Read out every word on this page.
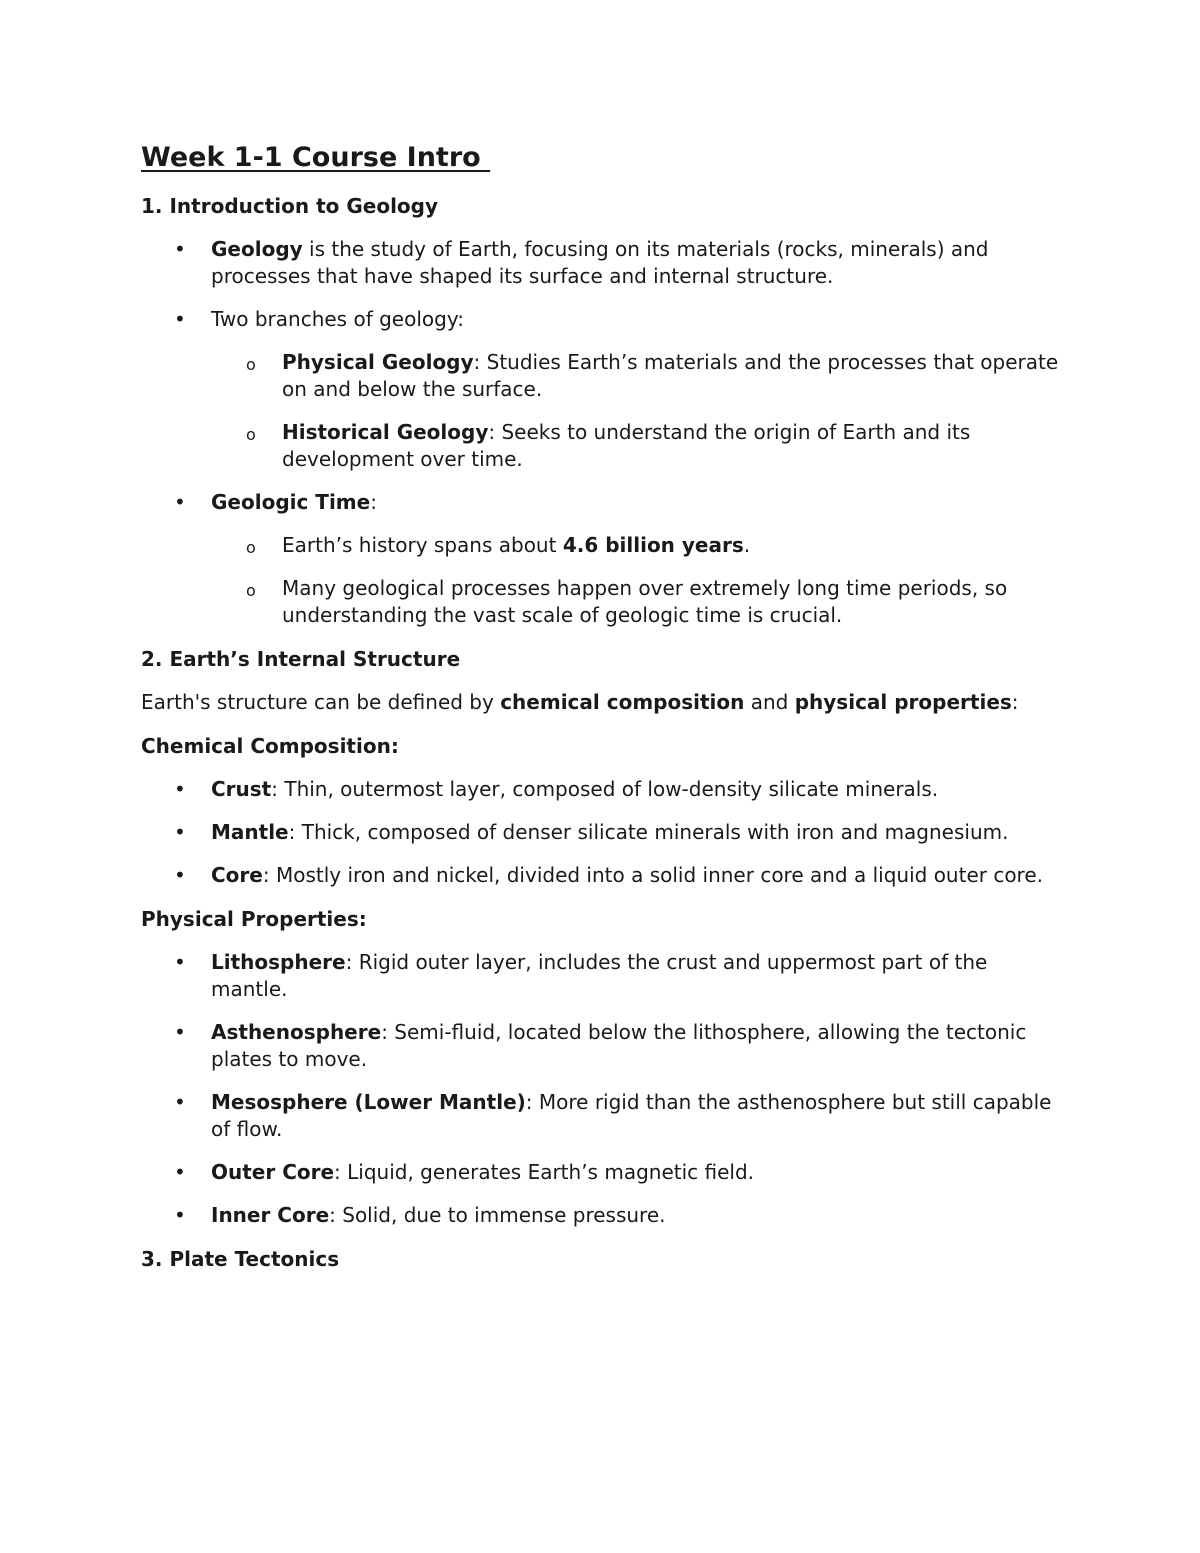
Week 1-1 Course Intro
1. Introduction to Geology
• Geology is the study of Earth, focusing on its materials (rocks, minerals) and processes that have shaped its surface and internal structure.
• Two branches of geology:
o Physical Geology: Studies Earth’s materials and the processes that operate on and below the surface.
o Historical Geology: Seeks to understand the origin of Earth and its development over time.
• Geologic Time:
o Earth’s history spans about 4.6 billion years.
o Many geological processes happen over extremely long time periods, so understanding the vast scale of geologic time is crucial.
2. Earth’s Internal Structure
Earth's structure can be defined by chemical composition and physical properties:
Chemical Composition:
• Crust: Thin, outermost layer, composed of low-density silicate minerals.
• Mantle: Thick, composed of denser silicate minerals with iron and magnesium.
• Core: Mostly iron and nickel, divided into a solid inner core and a liquid outer core.
Physical Properties:
• Lithosphere: Rigid outer layer, includes the crust and uppermost part of the mantle.
• Asthenosphere: Semi-fluid, located below the lithosphere, allowing the tectonic plates to move.
• Mesosphere (Lower Mantle): More rigid than the asthenosphere but still capable of flow.
• Outer Core: Liquid, generates Earth’s magnetic field.
• Inner Core: Solid, due to immense pressure.
3. Plate Tectonics
